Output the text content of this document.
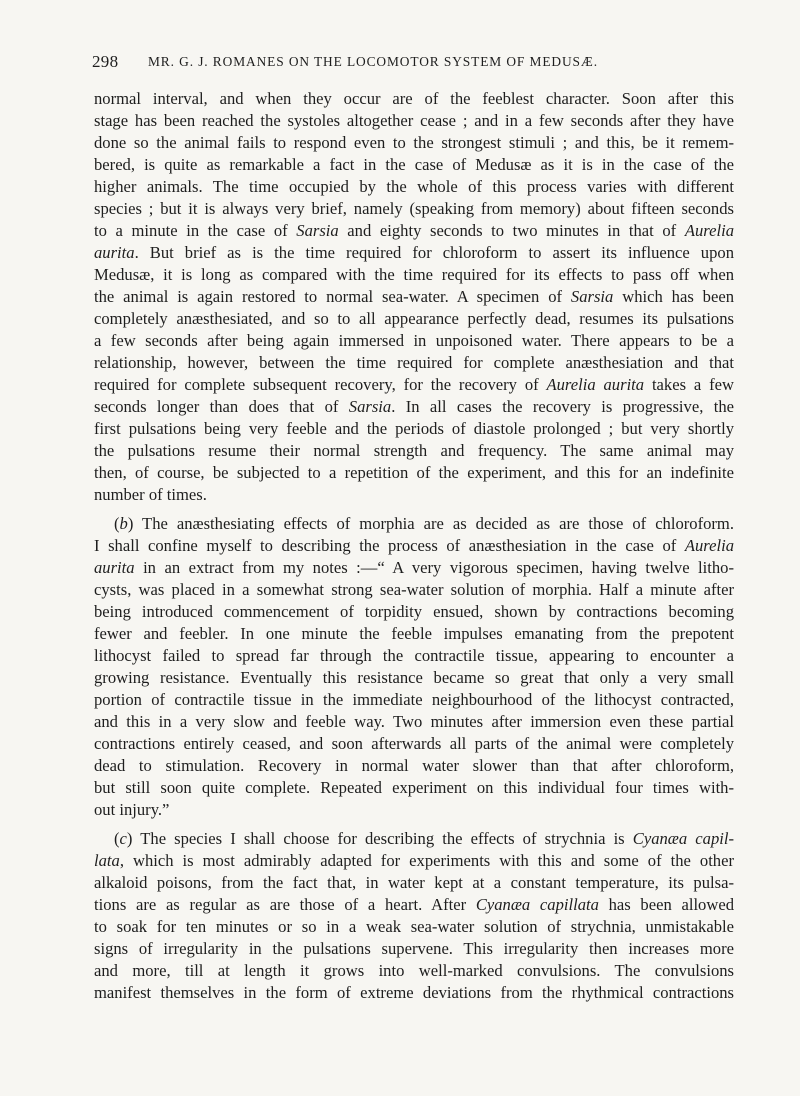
298 MR. G. J. ROMANES ON THE LOCOMOTOR SYSTEM OF MEDUSÆ.
normal interval, and when they occur are of the feeblest character. Soon after this
stage has been reached the systoles altogether cease ; and in a few seconds after they have
done so the animal fails to respond even to the strongest stimuli ; and this, be it remem-
bered, is quite as remarkable a fact in the case of Medusæ as it is in the case of the
higher animals. The time occupied by the whole of this process varies with different
species ; but it is always very brief, namely (speaking from memory) about fifteen seconds
to a minute in the case of Sarsia and eighty seconds to two minutes in that of Aurelia
aurita. But brief as is the time required for chloroform to assert its influence upon
Medusæ, it is long as compared with the time required for its effects to pass off when
the animal is again restored to normal sea-water. A specimen of Sarsia which has been
completely anæsthesiated, and so to all appearance perfectly dead, resumes its pulsations
a few seconds after being again immersed in unpoisoned water. There appears to be a
relationship, however, between the time required for complete anæsthesiation and that
required for complete subsequent recovery, for the recovery of Aurelia aurita takes a few
seconds longer than does that of Sarsia. In all cases the recovery is progressive, the
first pulsations being very feeble and the periods of diastole prolonged ; but very shortly
the pulsations resume their normal strength and frequency. The same animal may
then, of course, be subjected to a repetition of the experiment, and this for an indefinite
number of times.
(b) The anæsthesiating effects of morphia are as decided as are those of chloroform.
I shall confine myself to describing the process of anæsthesiation in the case of Aurelia
aurita in an extract from my notes :—“ A very vigorous specimen, having twelve litho-
cysts, was placed in a somewhat strong sea-water solution of morphia. Half a minute after
being introduced commencement of torpidity ensued, shown by contractions becoming
fewer and feebler. In one minute the feeble impulses emanating from the prepotent
lithocyst failed to spread far through the contractile tissue, appearing to encounter a
growing resistance. Eventually this resistance became so great that only a very small
portion of contractile tissue in the immediate neighbourhood of the lithocyst contracted,
and this in a very slow and feeble way. Two minutes after immersion even these partial
contractions entirely ceased, and soon afterwards all parts of the animal were completely
dead to stimulation. Recovery in normal water slower than that after chloroform,
but still soon quite complete. Repeated experiment on this individual four times with-
out injury.”
(c) The species I shall choose for describing the effects of strychnia is Cyanæa capil-
lata, which is most admirably adapted for experiments with this and some of the other
alkaloid poisons, from the fact that, in water kept at a constant temperature, its pulsa-
tions are as regular as are those of a heart. After Cyanæa capillata has been allowed
to soak for ten minutes or so in a weak sea-water solution of strychnia, unmistakable
signs of irregularity in the pulsations supervene. This irregularity then increases more
and more, till at length it grows into well-marked convulsions. The convulsions
manifest themselves in the form of extreme deviations from the rhythmical contractions
